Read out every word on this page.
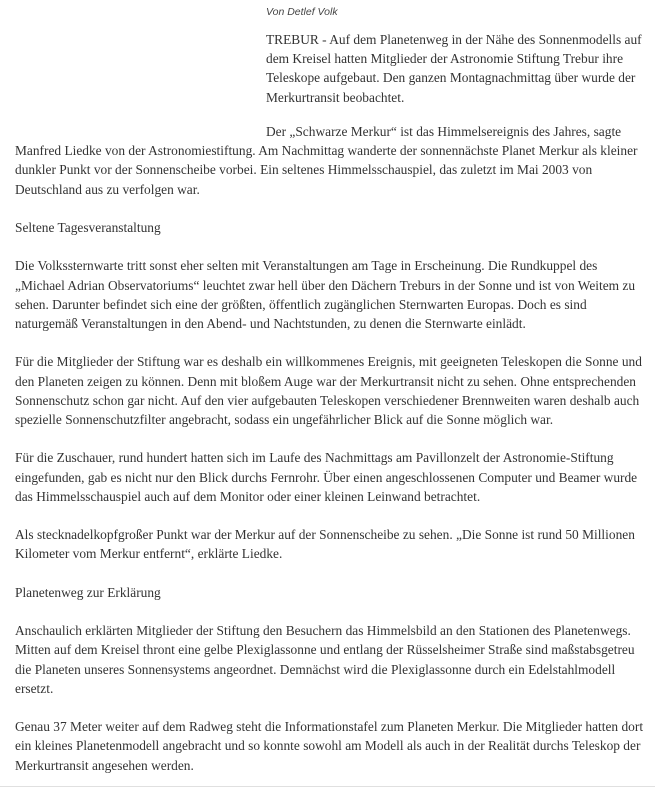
Von Detlef Volk
TREBUR - Auf dem Planetenweg in der Nähe des Sonnenmodells auf dem Kreisel hatten Mitglieder der Astronomie Stiftung Trebur ihre Teleskope aufgebaut. Den ganzen Montagnachmittag über wurde der Merkurtransit beobachtet.

Der „Schwarze Merkur“ ist das Himmelsereignis des Jahres, sagte Manfred Liedke von der Astronomiestiftung. Am Nachmittag wanderte der sonnennächste Planet Merkur als kleiner dunkler Punkt vor der Sonnenscheibe vorbei. Ein seltenes Himmelsschauspiel, das zuletzt im Mai 2003 von Deutschland aus zu verfolgen war.

Seltene Tagesveranstaltung

Die Volkssternwarte tritt sonst eher selten mit Veranstaltungen am Tage in Erscheinung. Die Rundkuppel des „Michael Adrian Observatoriums“ leuchtet zwar hell über den Dächern Treburs in der Sonne und ist von Weitem zu sehen. Darunter befindet sich eine der größten, öffentlich zugänglichen Sternwarten Europas. Doch es sind naturgemäß Veranstaltungen in den Abend- und Nachtstunden, zu denen die Sternwarte einlädt.

Für die Mitglieder der Stiftung war es deshalb ein willkommenes Ereignis, mit geeigneten Teleskopen die Sonne und den Planeten zeigen zu können. Denn mit bloßem Auge war der Merkurtransit nicht zu sehen. Ohne entsprechenden Sonnenschutz schon gar nicht. Auf den vier aufgebauten Teleskopen verschiedener Brennweiten waren deshalb auch spezielle Sonnenschutzfilter angebracht, sodass ein ungefährlicher Blick auf die Sonne möglich war.

Für die Zuschauer, rund hundert hatten sich im Laufe des Nachmittags am Pavillonzelt der Astronomie-Stiftung eingefunden, gab es nicht nur den Blick durchs Fernrohr. Über einen angeschlossenen Computer und Beamer wurde das Himmelsschauspiel auch auf dem Monitor oder einer kleinen Leinwand betrachtet.

Als stecknadelkopfgroßer Punkt war der Merkur auf der Sonnenscheibe zu sehen. „Die Sonne ist rund 50 Millionen Kilometer vom Merkur entfernt“, erklärte Liedke.

Planetenweg zur Erklärung

Anschaulich erklärten Mitglieder der Stiftung den Besuchern das Himmelsbild an den Stationen des Planetenwegs. Mitten auf dem Kreisel thront eine gelbe Plexiglassonne und entlang der Rüsselsheimer Straße sind maßstabsgetreu die Planeten unseres Sonnensystems angeordnet. Demnächst wird die Plexiglassonne durch ein Edelstahlmodell ersetzt.

Genau 37 Meter weiter auf dem Radweg steht die Informationstafel zum Planeten Merkur. Die Mitglieder hatten dort ein kleines Planetenmodell angebracht und so konnte sowohl am Modell als auch in der Realität durchs Teleskop der Merkurtransit angesehen werden.
